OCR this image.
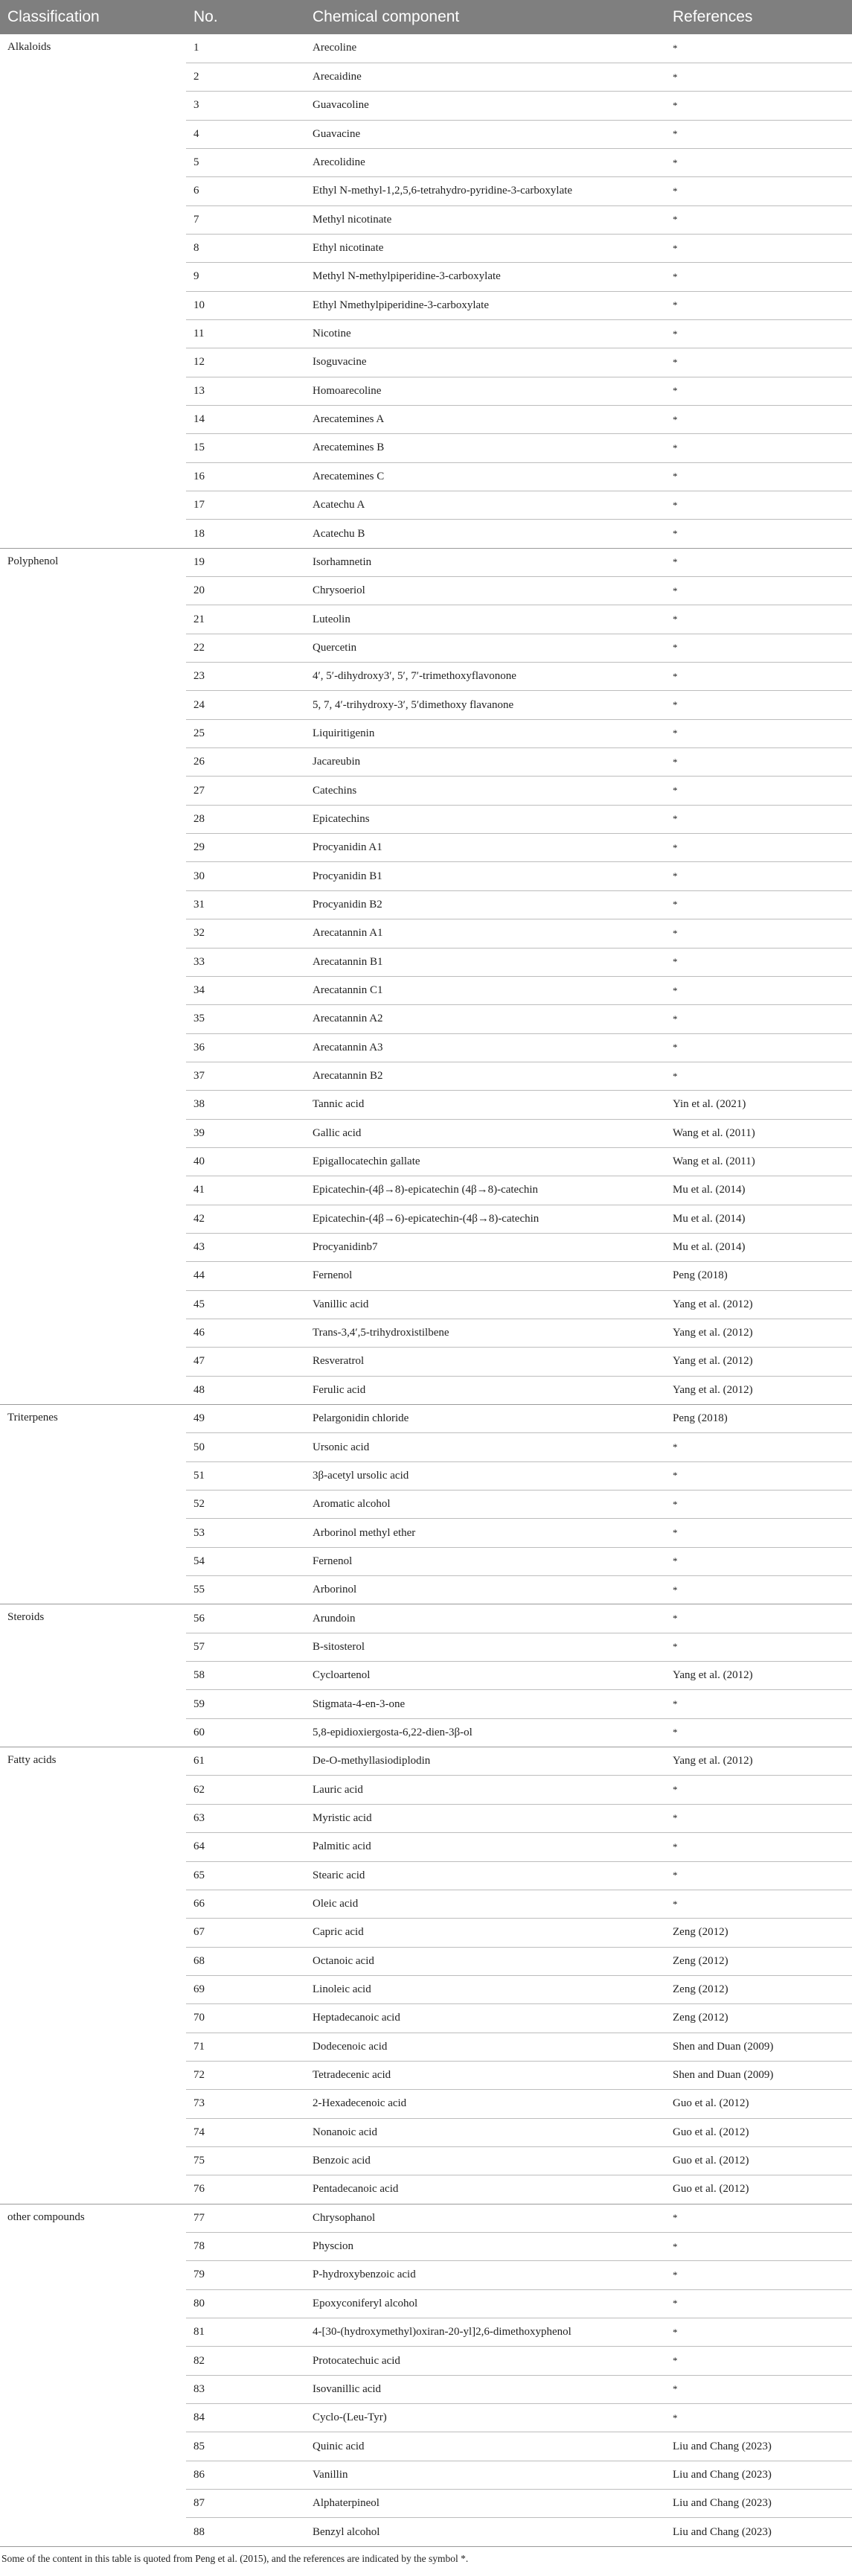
Classification	No.	Chemical component	References
Alkaloids	1	Arecoline	*
	2	Arecaidine	*
	3	Guavacoline	*
	4	Guavacine	*
	5	Arecolidine	*
	6	Ethyl N-methyl-1,2,5,6-tetrahydro-pyridine-3-carboxylate	*
	7	Methyl nicotinate	*
	8	Ethyl nicotinate	*
	9	Methyl N-methylpiperidine-3-carboxylate	*
	10	Ethyl Nmethylpiperidine-3-carboxylate	*
	11	Nicotine	*
	12	Isoguvacine	*
	13	Homoarecoline	*
	14	Arecatemines A	*
	15	Arecatemines B	*
	16	Arecatemines C	*
	17	Acatechu A	*
	18	Acatechu B	*
Polyphenol	19	Isorhamnetin	*
	20	Chrysoeriol	*
	21	Luteolin	*
	22	Quercetin	*
	23	4′, 5′-dihydroxy3′, 5′, 7′-trimethoxyflavonone	*
	24	5, 7, 4′-trihydroxy-3′, 5′dimethoxy flavanone	*
	25	Liquiritigenin	*
	26	Jacareubin	*
	27	Catechins	*
	28	Epicatechins	*
	29	Procyanidin A1	*
	30	Procyanidin B1	*
	31	Procyanidin B2	*
	32	Arecatannin A1	*
	33	Arecatannin B1	*
	34	Arecatannin C1	*
	35	Arecatannin A2	*
	36	Arecatannin A3	*
	37	Arecatannin B2	*
	38	Tannic acid	Yin et al. (2021)
	39	Gallic acid	Wang et al. (2011)
	40	Epigallocatechin gallate	Wang et al. (2011)
	41	Epicatechin-(4β→8)-epicatechin (4β→8)-catechin	Mu et al. (2014)
	42	Epicatechin-(4β→6)-epicatechin-(4β→8)-catechin	Mu et al. (2014)
	43	Procyanidinb7	Mu et al. (2014)
	44	Fernenol	Peng (2018)
	45	Vanillic acid	Yang et al. (2012)
	46	Trans-3,4′,5-trihydroxistilbene	Yang et al. (2012)
	47	Resveratrol	Yang et al. (2012)
	48	Ferulic acid	Yang et al. (2012)
Triterpenes	49	Pelargonidin chloride	Peng (2018)
	50	Ursonic acid	*
	51	3β-acetyl ursolic acid	*
	52	Aromatic alcohol	*
	53	Arborinol methyl ether	*
	54	Fernenol	*
	55	Arborinol	*
Steroids	56	Arundoin	*
	57	Β-sitosterol	*
	58	Cycloartenol	Yang et al. (2012)
	59	Stigmata-4-en-3-one	*
	60	5,8-epidioxiergosta-6,22-dien-3β-ol	*
Fatty acids	61	De-O-methyllasiodiplodin	Yang et al. (2012)
	62	Lauric acid	*
	63	Myristic acid	*
	64	Palmitic acid	*
	65	Stearic acid	*
	66	Oleic acid	*
	67	Capric acid	Zeng (2012)
	68	Octanoic acid	Zeng (2012)
	69	Linoleic acid	Zeng (2012)
	70	Heptadecanoic acid	Zeng (2012)
	71	Dodecenoic acid	Shen and Duan (2009)
	72	Tetradecenic acid	Shen and Duan (2009)
	73	2-Hexadecenoic acid	Guo et al. (2012)
	74	Nonanoic acid	Guo et al. (2012)
	75	Benzoic acid	Guo et al. (2012)
	76	Pentadecanoic acid	Guo et al. (2012)
other compounds	77	Chrysophanol	*
	78	Physcion	*
	79	P-hydroxybenzoic acid	*
	80	Epoxyconiferyl alcohol	*
	81	4-[30-(hydroxymethyl)oxiran-20-yl]2,6-dimethoxyphenol	*
	82	Protocatechuic acid	*
	83	Isovanillic acid	*
	84	Cyclo-(Leu-Tyr)	*
	85	Quinic acid	Liu and Chang (2023)
	86	Vanillin	Liu and Chang (2023)
	87	Alphaterpineol	Liu and Chang (2023)
	88	Benzyl alcohol	Liu and Chang (2023)
Some of the content in this table is quoted from Peng et al. (2015), and the references are indicated by the symbol *.
